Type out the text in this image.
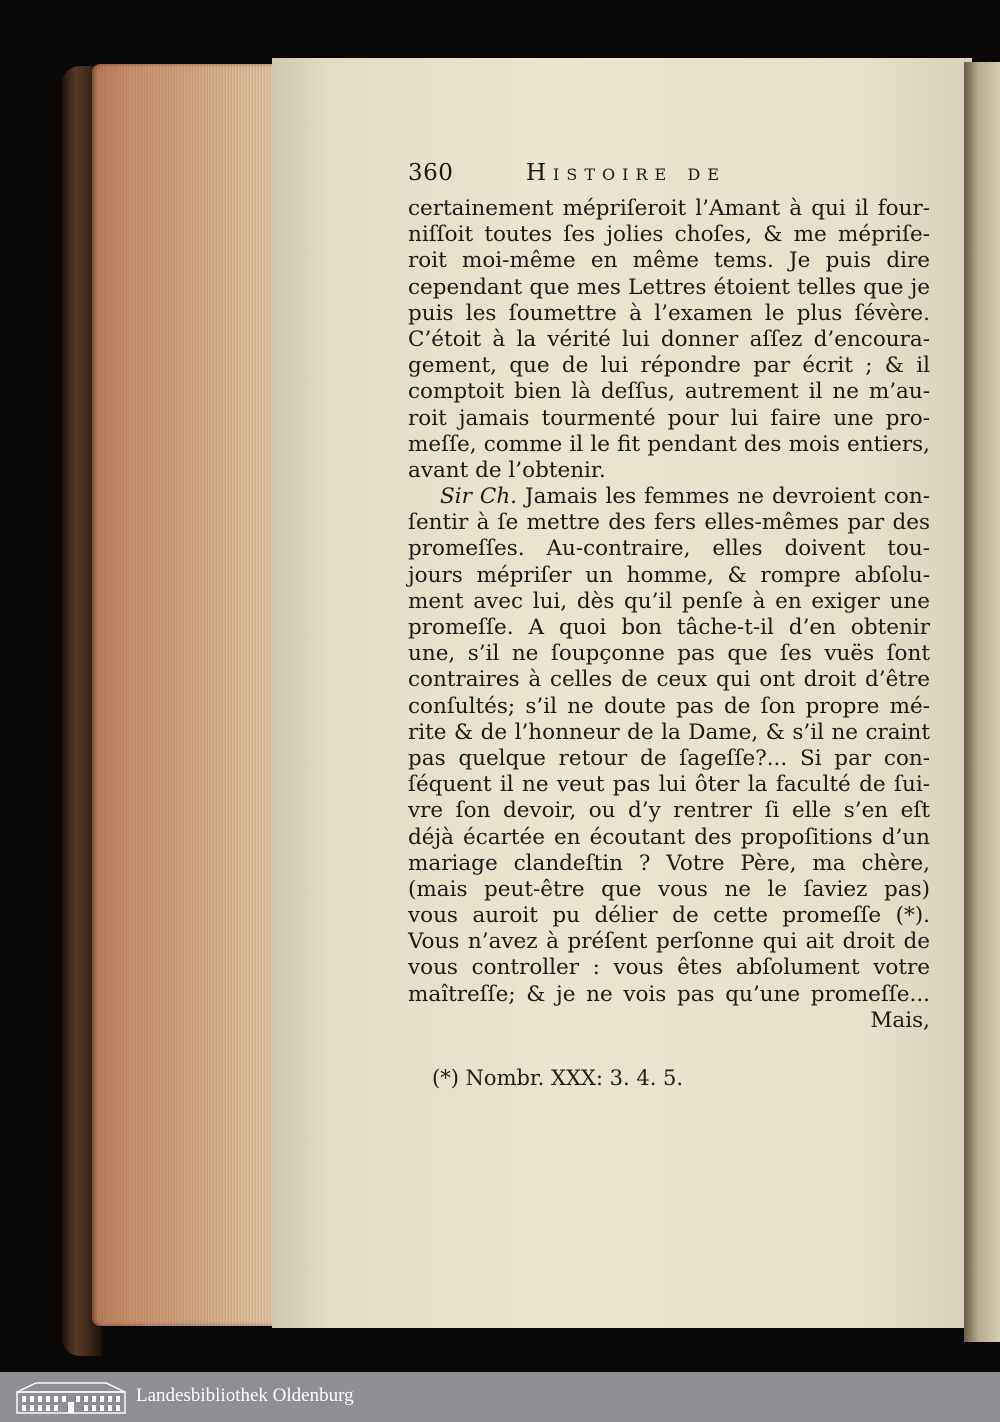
360	Histoire de
certainement mépriſeroit l’Amant à qui il four-
niſſoit toutes ſes jolies choſes, & me mépriſe-
roit moi-même en même tems. Je puis dire
cependant que mes Lettres étoient telles que je
puis les ſoumettre à l’examen le plus ſévère.
C’étoit à la vérité lui donner aſſez d’encoura-
gement, que de lui répondre par écrit ; & il
comptoit bien là deſſus, autrement il ne m’au-
roit jamais tourmenté pour lui faire une pro-
meſſe, comme il le fit pendant des mois entiers,
avant de l’obtenir.
Sir Ch. Jamais les femmes ne devroient con-
ſentir à ſe mettre des fers elles-mêmes par des
promeſſes. Au-contraire, elles doivent tou-
jours mépriſer un homme, & rompre abſolu-
ment avec lui, dès qu’il penſe à en exiger une
promeſſe. A quoi bon tâche-t-il d’en obtenir
une, s’il ne ſoupçonne pas que ſes vuës ſont
contraires à celles de ceux qui ont droit d’être
conſultés; s’il ne doute pas de ſon propre mé-
rite & de l’honneur de la Dame, & s’il ne craint
pas quelque retour de ſageſſe?... Si par con-
ſéquent il ne veut pas lui ôter la faculté de ſui-
vre ſon devoir, ou d’y rentrer ſi elle s’en eſt
déjà écartée en écoutant des propoſitions d’un
mariage clandeſtin ? Votre Père, ma chère,
(mais peut-être que vous ne le ſaviez pas)
vous auroit pu délier de cette promeſſe (*).
Vous n’avez à préſent perſonne qui ait droit de
vous controller : vous êtes abſolument votre
maîtreſſe; & je ne vois pas qu’une promeſſe...
Mais,
(*) Nombr. XXX: 3. 4. 5.
Landesbibliothek Oldenburg
